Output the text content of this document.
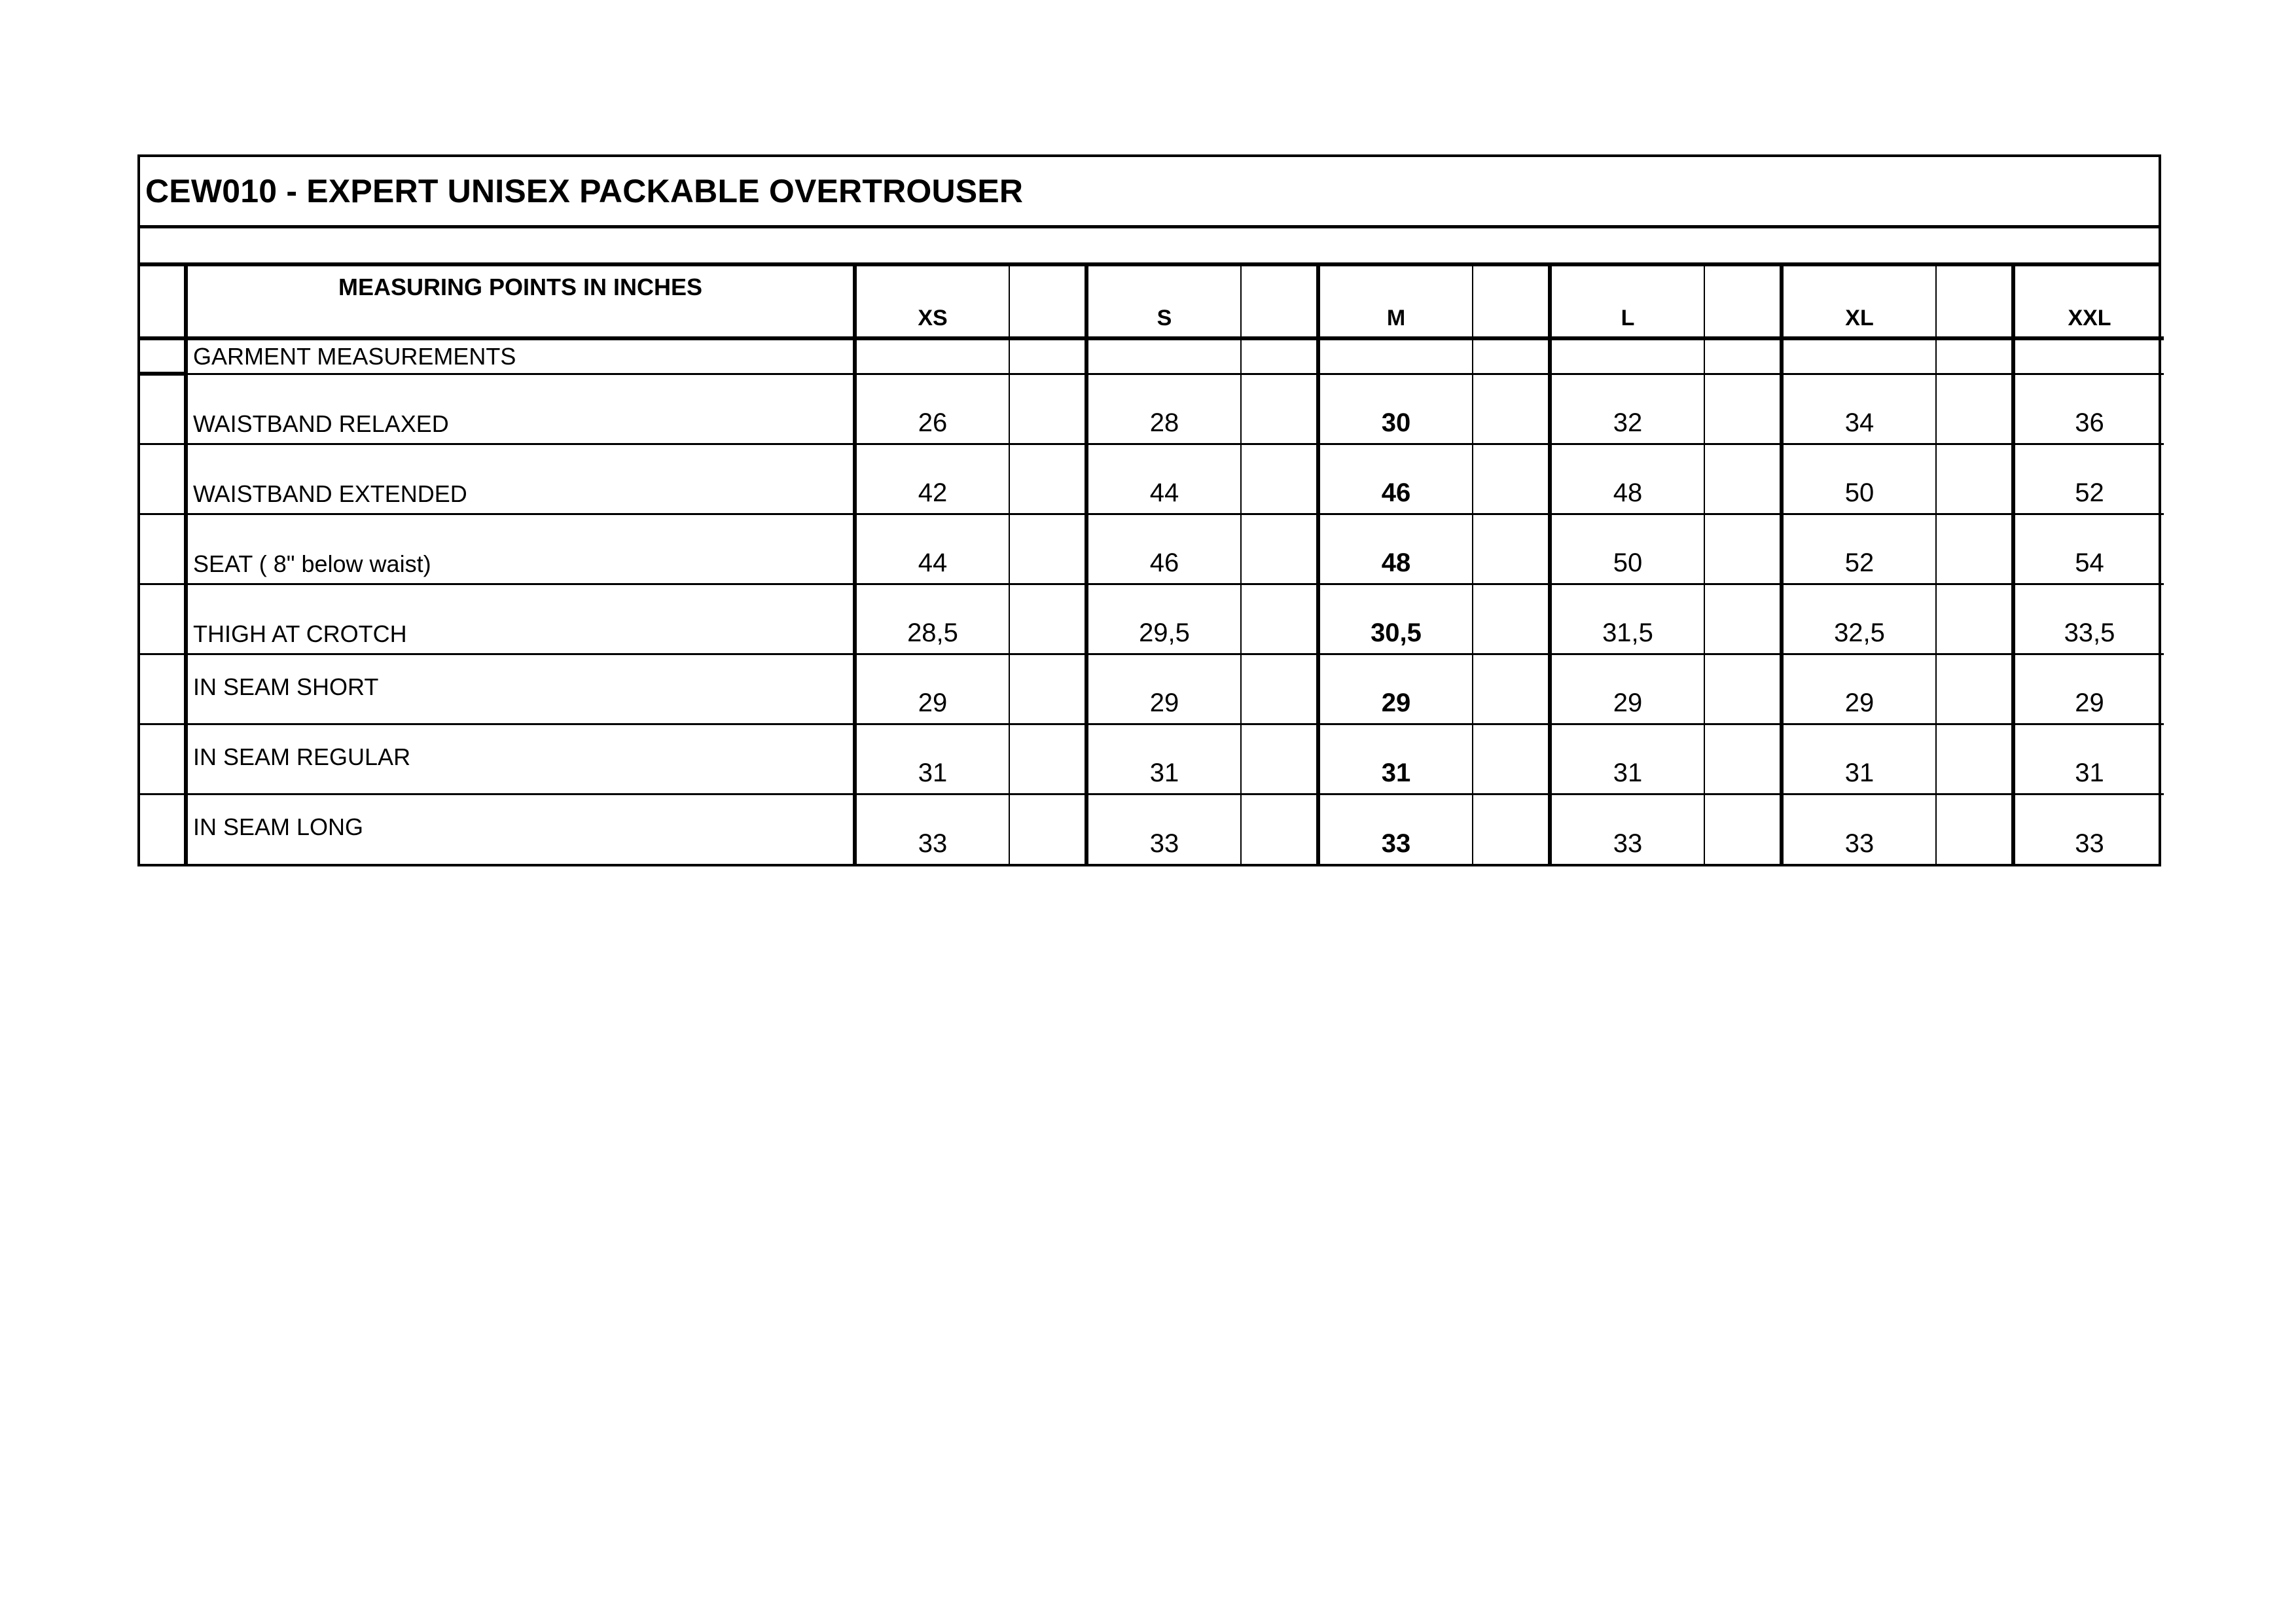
CEW010 - EXPERT UNISEX PACKABLE OVERTROUSER
	MEASURING POINTS IN INCHES	XS		S		M		L		XL		XXL
	GARMENT MEASUREMENTS											
	WAISTBAND RELAXED	26		28		30		32		34		36
	WAISTBAND EXTENDED	42		44		46		48		50		52
	SEAT ( 8" below waist)	44		46		48		50		52		54
	THIGH AT CROTCH	28,5		29,5		30,5		31,5		32,5		33,5
	IN SEAM SHORT	29		29		29		29		29		29
	IN SEAM REGULAR	31		31		31		31		31		31
	IN SEAM LONG	33		33		33		33		33		33
